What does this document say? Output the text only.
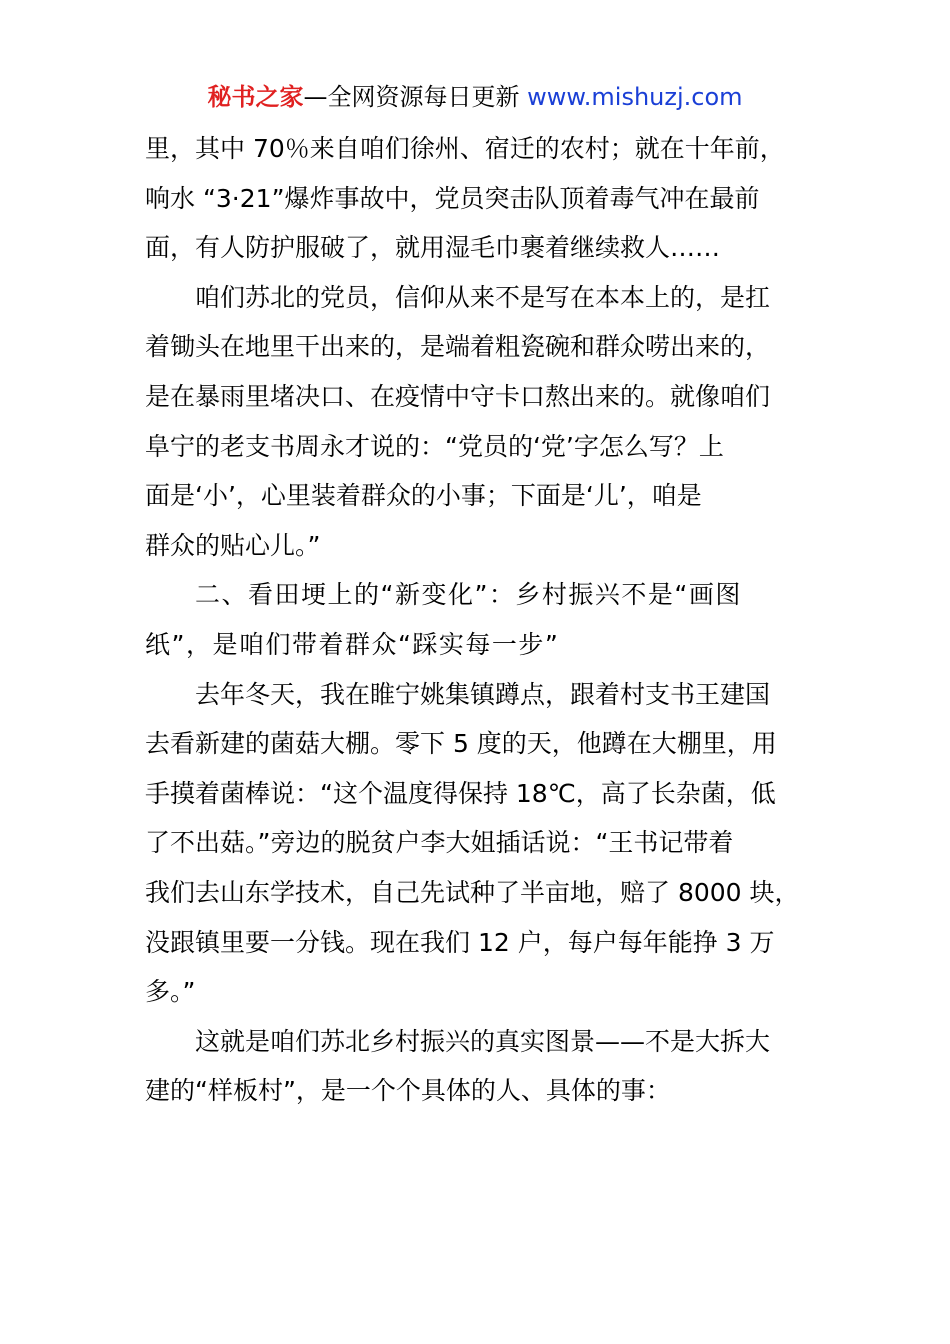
秘书之家—全网资源每日更新 www.mishuzj.com
里，其中 70％来自咱们徐州、宿迁的农村；就在十年前，
响水 “3·21”爆炸事故中，党员突击队顶着毒气冲在最前
面，有人防护服破了，就用湿毛巾裹着继续救人……
咱们苏北的党员，信仰从来不是写在本本上的，是扛
着锄头在地里干出来的，是端着粗瓷碗和群众唠出来的，
是在暴雨里堵决口、在疫情中守卡口熬出来的。就像咱们
阜宁的老支书周永才说的：“党员的‘党’字怎么写？上
面是‘小’，心里装着群众的小事；下面是‘儿’，咱是
群众的贴心儿。”
二、看田埂上的“新变化”：乡村振兴不是“画图
纸”，是咱们带着群众“踩实每一步”
去年冬天，我在睢宁姚集镇蹲点，跟着村支书王建国
去看新建的菌菇大棚。零下 5 度的天，他蹲在大棚里，用
手摸着菌棒说：“这个温度得保持 18℃，高了长杂菌，低
了不出菇。”旁边的脱贫户李大姐插话说：“王书记带着
我们去山东学技术，自己先试种了半亩地，赔了 8000 块，
没跟镇里要一分钱。现在我们 12 户，每户每年能挣 3 万
多。”
这就是咱们苏北乡村振兴的真实图景——不是大拆大
建的“样板村”，是一个个具体的人、具体的事：
